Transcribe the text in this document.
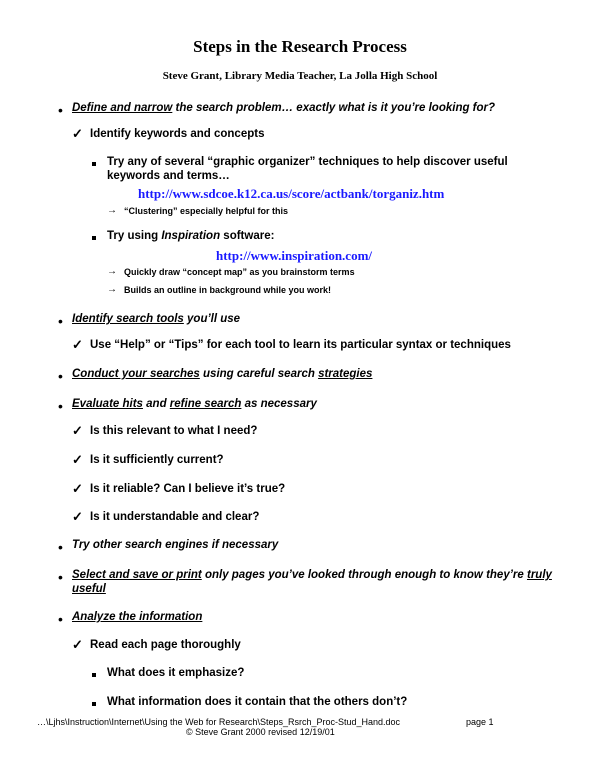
Steps in the Research Process
Steve Grant, Library Media Teacher, La Jolla High School
• Define and narrow the search problem… exactly what is it you’re looking for?
✓ Identify keywords and concepts
Try any of several “graphic organizer” techniques to help discover useful
keywords and terms…
http://www.sdcoe.k12.ca.us/score/actbank/torganiz.htm
→ “Clustering” especially helpful for this
Try using Inspiration software:
http://www.inspiration.com/
→ Quickly draw “concept map” as you brainstorm terms
→ Builds an outline in background while you work!
• Identify search tools you’ll use
✓ Use “Help” or “Tips” for each tool to learn its particular syntax or techniques
• Conduct your searches using careful search strategies
• Evaluate hits and refine search as necessary
✓ Is this relevant to what I need?
✓ Is it sufficiently current?
✓ Is it reliable? Can I believe it’s true?
✓ Is it understandable and clear?
• Try other search engines if necessary
• Select and save or print only pages you’ve looked through enough to know they’re truly
useful
• Analyze the information
✓ Read each page thoroughly
What does it emphasize?
What information does it contain that the others don’t?
…\Ljhs\Instruction\Internet\Using the Web for Research\Steps_Rsrch_Proc-Stud_Hand.doc	page 1
© Steve Grant 2000 revised 12/19/01
